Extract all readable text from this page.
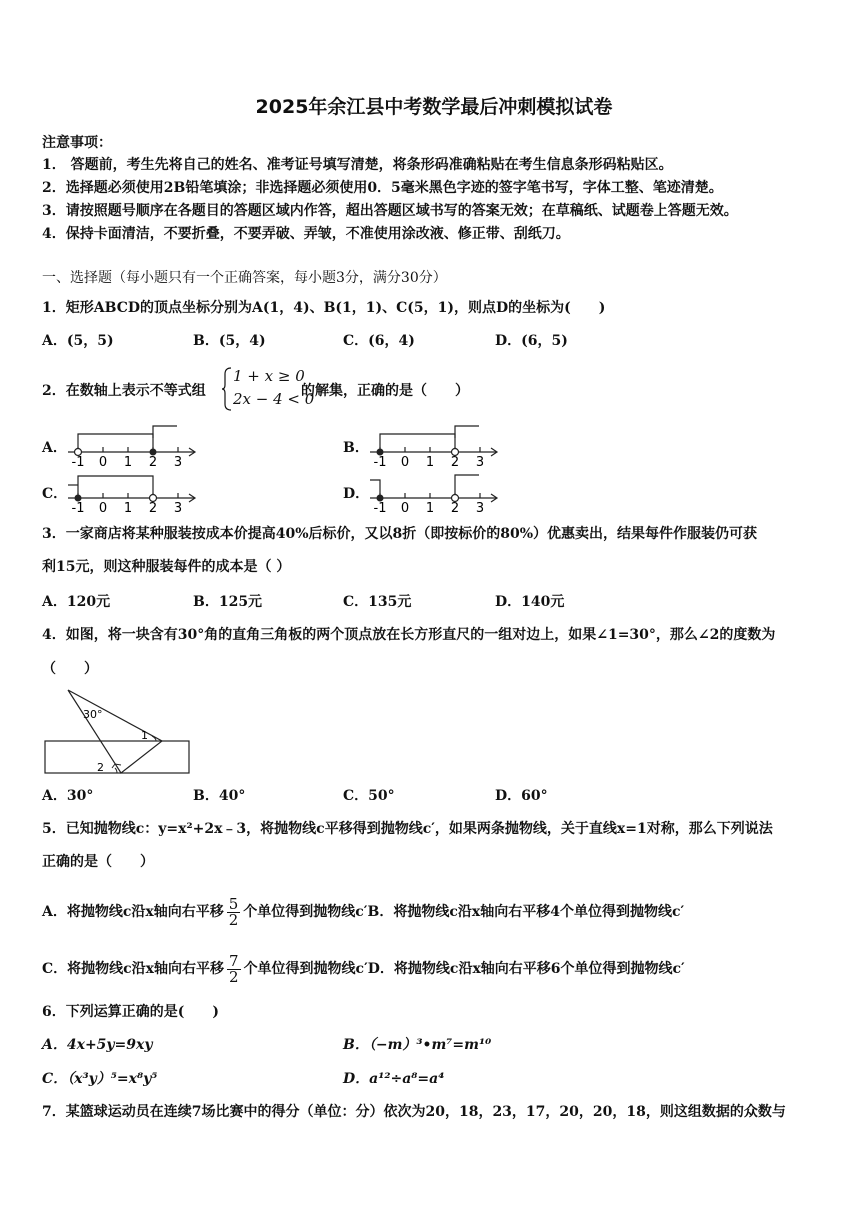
2025年余江县中考数学最后冲刺模拟试卷
注意事项：
1． 答题前，考生先将自己的姓名、准考证号填写清楚，将条形码准确粘贴在考生信息条形码粘贴区。
2．选择题必须使用2B铅笔填涂；非选择题必须使用0．5毫米黑色字迹的签字笔书写，字体工整、笔迹清楚。
3．请按照题号顺序在各题目的答题区域内作答，超出答题区域书写的答案无效；在草稿纸、试题卷上答题无效。
4．保持卡面清洁，不要折叠，不要弄破、弄皱，不准使用涂改液、修正带、刮纸刀。
一、选择题（每小题只有一个正确答案，每小题3分，满分30分）
1．矩形ABCD的顶点坐标分别为A(1，4)、B(1，1)、C(5，1)，则点D的坐标为(　　)
A．(5，5)	B．(5，4)	C．(6，4)	D．(6，5)
2．在数轴上表示不等式组
1 + x ≥ 0
2x − 4 < 0
的解集，正确的是（　　）
A．	B．
C．	D．
-1 0 1 2 3	-1 0 1 2 3
-1 0 1 2 3	-1 0 1 2 3
3．一家商店将某种服装按成本价提高40%后标价，又以8折（即按标价的80%）优惠卖出，结果每件作服装仍可获
利15元，则这种服装每件的成本是（ ）
A．120元	B．125元	C．135元	D．140元
4．如图，将一块含有30°角的直角三角板的两个顶点放在长方形直尺的一组对边上，如果∠1=30°，那么∠2的度数为
（　　）
30°
1
2
A．30°	B．40°	C．50°	D．60°
5．已知抛物线c：y=x²+2x﹣3，将抛物线c平移得到抛物线c′，如果两条抛物线，关于直线x=1对称，那么下列说法
正确的是（　　）
A．将抛物线c沿x轴向右平移 $\frac{5}{2}$ 个单位得到抛物线c′B．将抛物线c沿x轴向右平移4个单位得到抛物线c′
C．将抛物线c沿x轴向右平移 $\frac{7}{2}$ 个单位得到抛物线c′D．将抛物线c沿x轴向右平移6个单位得到抛物线c′
6．下列运算正确的是(　　)
A．4x+5y=9xy	B．（−m）³•m⁷=m¹⁰
C．（x³y）⁵=x⁸y⁵	D．a¹²÷a⁸=a⁴
7．某篮球运动员在连续7场比赛中的得分（单位：分）依次为20，18，23，17，20，20，18，则这组数据的众数与
